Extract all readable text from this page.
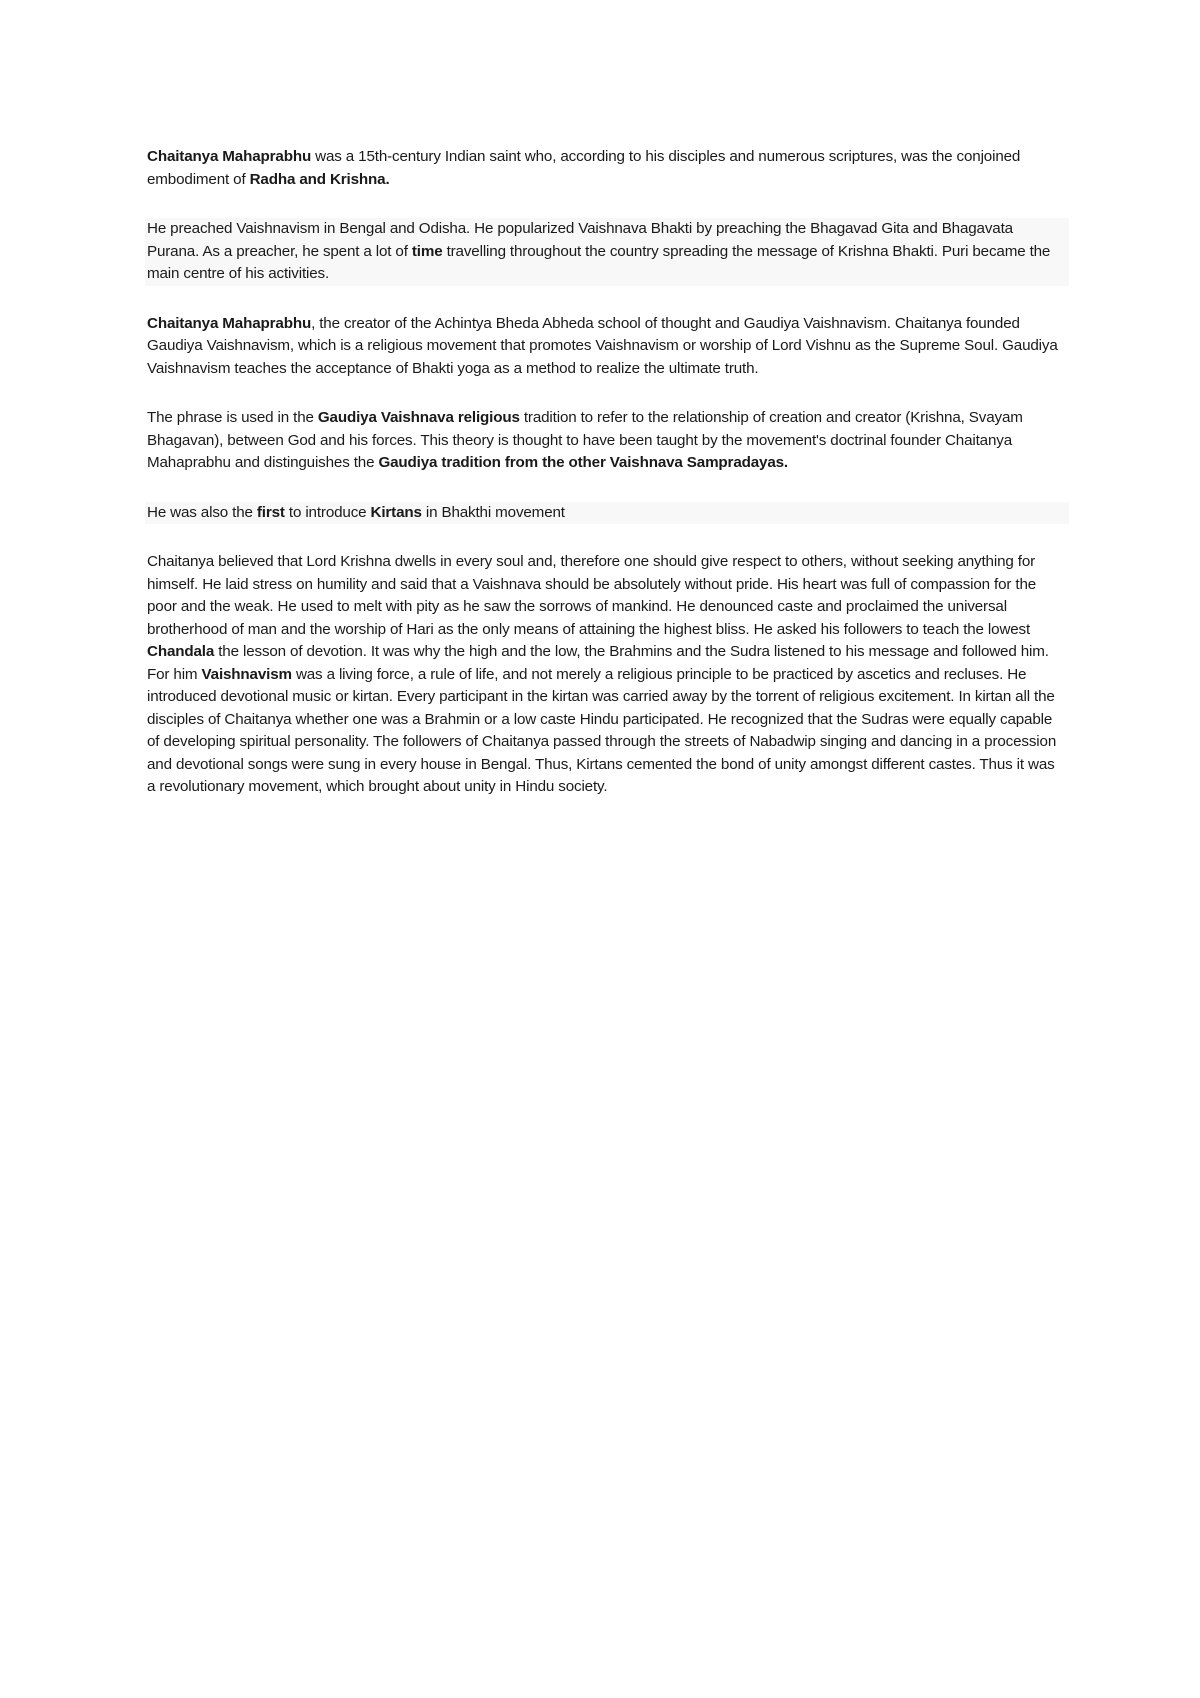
Chaitanya Mahaprabhu was a 15th-century Indian saint who, according to his disciples and numerous scriptures, was the conjoined embodiment of Radha and Krishna.

He preached Vaishnavism in Bengal and Odisha. He popularized Vaishnava Bhakti by preaching the Bhagavad Gita and Bhagavata Purana. As a preacher, he spent a lot of time travelling throughout the country spreading the message of Krishna Bhakti. Puri became the main centre of his activities.

Chaitanya Mahaprabhu, the creator of the Achintya Bheda Abheda school of thought and Gaudiya Vaishnavism. Chaitanya founded Gaudiya Vaishnavism, which is a religious movement that promotes Vaishnavism or worship of Lord Vishnu as the Supreme Soul. Gaudiya Vaishnavism teaches the acceptance of Bhakti yoga as a method to realize the ultimate truth.

The phrase is used in the Gaudiya Vaishnava religious tradition to refer to the relationship of creation and creator (Krishna, Svayam Bhagavan), between God and his forces. This theory is thought to have been taught by the movement's doctrinal founder Chaitanya Mahaprabhu and distinguishes the Gaudiya tradition from the other Vaishnava Sampradayas.

He was also the first to introduce Kirtans in Bhakthi movement

Chaitanya believed that Lord Krishna dwells in every soul and, therefore one should give respect to others, without seeking anything for himself. He laid stress on humility and said that a Vaishnava should be absolutely without pride. His heart was full of compassion for the poor and the weak. He used to melt with pity as he saw the sorrows of mankind. He denounced caste and proclaimed the universal brotherhood of man and the worship of Hari as the only means of attaining the highest bliss. He asked his followers to teach the lowest Chandala the lesson of devotion. It was why the high and the low, the Brahmins and the Sudra listened to his message and followed him. For him Vaishnavism was a living force, a rule of life, and not merely a religious principle to be practiced by ascetics and recluses. He introduced devotional music or kirtan. Every participant in the kirtan was carried away by the torrent of religious excitement. In kirtan all the disciples of Chaitanya whether one was a Brahmin or a low caste Hindu participated. He recognized that the Sudras were equally capable of developing spiritual personality. The followers of Chaitanya passed through the streets of Nabadwip singing and dancing in a procession and devotional songs were sung in every house in Bengal. Thus, Kirtans cemented the bond of unity amongst different castes. Thus it was a revolutionary movement, which brought about unity in Hindu society.
